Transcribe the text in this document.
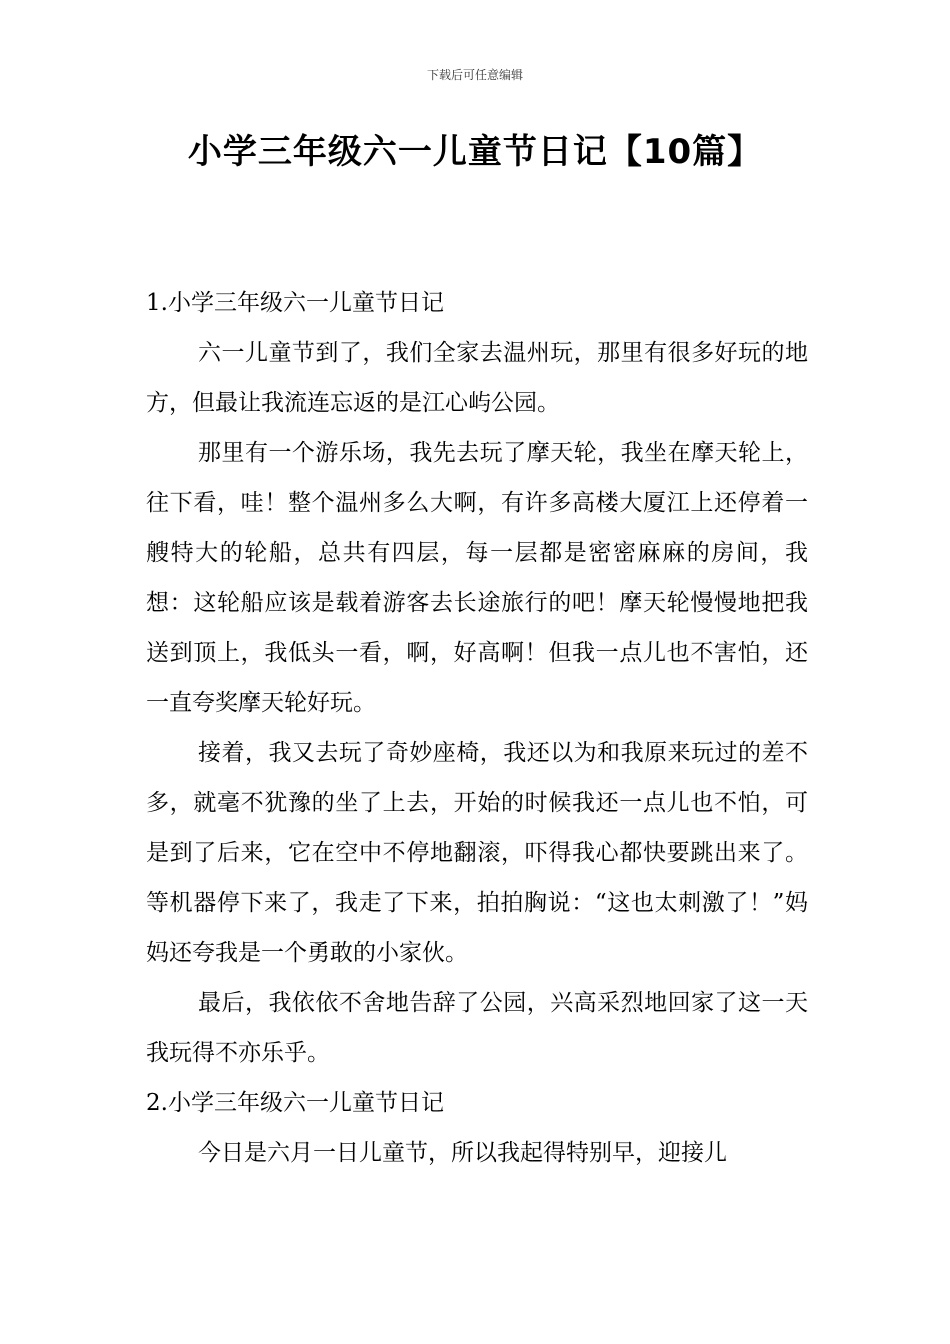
下载后可任意编辑
小学三年级六一儿童节日记【10篇】
1.小学三年级六一儿童节日记

六一儿童节到了，我们全家去温州玩，那里有很多好玩的地方，但最让我流连忘返的是江心屿公园。

那里有一个游乐场，我先去玩了摩天轮，我坐在摩天轮上，往下看，哇！整个温州多么大啊，有许多高楼大厦江上还停着一艘特大的轮船，总共有四层，每一层都是密密麻麻的房间，我想：这轮船应该是载着游客去长途旅行的吧！摩天轮慢慢地把我送到顶上，我低头一看，啊，好高啊！但我一点儿也不害怕，还一直夸奖摩天轮好玩。

接着，我又去玩了奇妙座椅，我还以为和我原来玩过的差不多，就毫不犹豫的坐了上去，开始的时候我还一点儿也不怕，可是到了后来，它在空中不停地翻滚，吓得我心都快要跳出来了。等机器停下来了，我走了下来，拍拍胸说：“这也太刺激了！”妈妈还夸我是一个勇敢的小家伙。

最后，我依依不舍地告辞了公园，兴高采烈地回家了这一天我玩得不亦乐乎。

2.小学三年级六一儿童节日记

今日是六月一日儿童节，所以我起得特别早，迎接儿
